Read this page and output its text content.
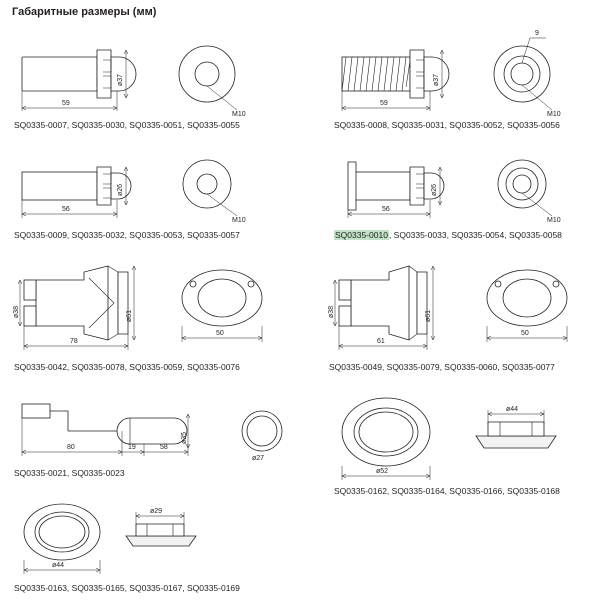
Габаритные размеры (мм)
ø37
59
M10
SQ0335-0007, SQ0335-0030, SQ0335-0051, SQ0335-0055
ø37
59
9
M10
SQ0335-0008, SQ0335-0031, SQ0335-0052, SQ0335-0056
ø26
56
M10
SQ0335-0009, SQ0335-0032, SQ0335-0053, SQ0335-0057
ø26
56
M10
SQ0335-0010, SQ0335-0033, SQ0335-0054, SQ0335-0058
ø38	ø61
78
50
SQ0335-0042, SQ0335-0078, SQ0335-0059, SQ0335-0076
ø38	ø61
61
50
SQ0335-0049, SQ0335-0079, SQ0335-0060, SQ0335-0077
ø35
80	19	58
ø27
SQ0335-0021, SQ0335-0023	ø52
ø44
SQ0335-0162, SQ0335-0164, SQ0335-0166, SQ0335-0168
ø44
ø29
SQ0335-0163, SQ0335-0165, SQ0335-0167, SQ0335-0169
